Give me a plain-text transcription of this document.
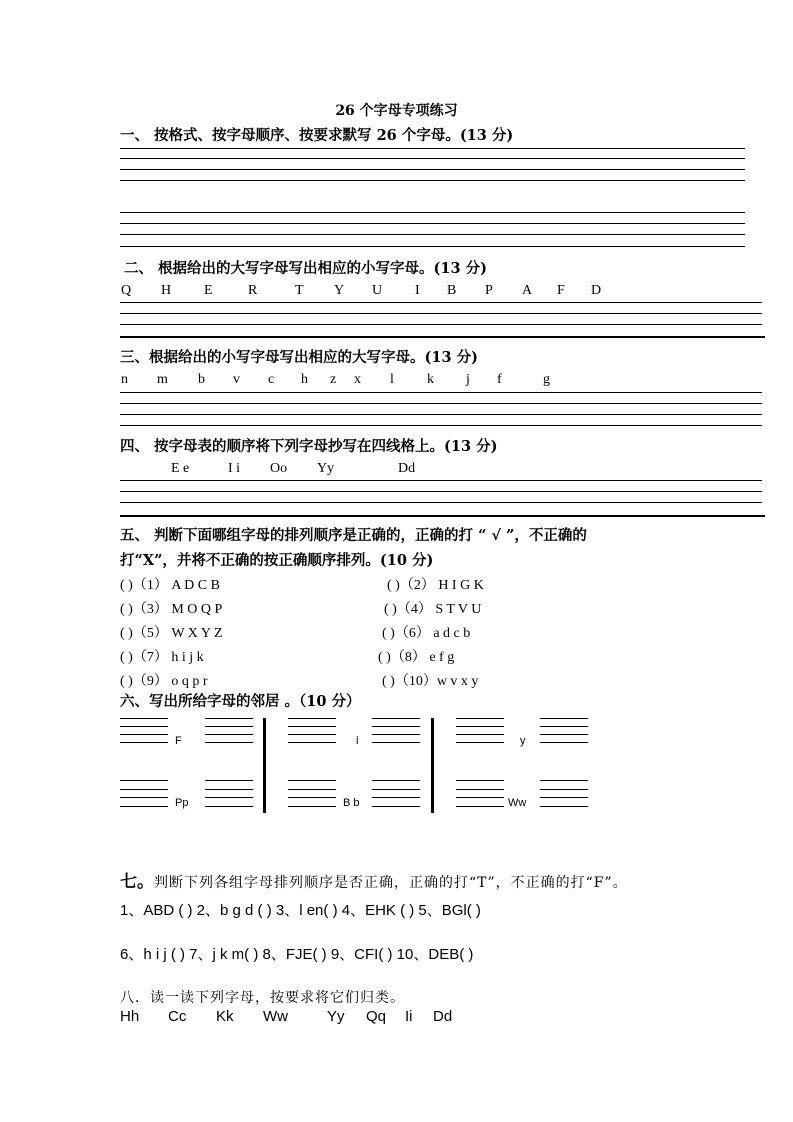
26 个字母专项练习
一、 按格式、按字母顺序、按要求默写 26 个字母。(13 分)
二、 根据给出的大写字母写出相应的小写字母。(13 分)
Q H E	R	T Y U I B P A F D
三、根据给出的小写字母写出相应的大写字母。(13 分)
n m b v c h z x l k j f	g
四、 按字母表的顺序将下列字母抄写在四线格上。(13 分)
E e	I i Oo Yy	Dd
五、 判断下面哪组字母的排列顺序是正确的，正确的打 “ √ ”，不正确的
打“X”，并将不正确的按正确顺序排列。(10 分)
( )（1） A D C B	( )（2） H I G K
( )（3） M O Q P	( )（4） S T V U
( )（5） W X Y Z	( )（6） a d c b
( )（7） h i j k	( )（8） e f g
( )（9） o q p r	( )（10）w v x y
六、写出所给字母的邻居 。（10 分）
F	i	y
Pp	B b	Ww
七。判断下列各组字母排列顺序是否正确，正确的打“T”，不正确的打“F”。
1、ABD ( ) 2、b g d ( ) 3、l en( ) 4、EHK ( ) 5、BGl( )
6、h i j ( ) 7、j k m( ) 8、FJE( ) 9、CFI( ) 10、DEB( )
八．读一读下列字母，按要求将它们归类。
Hh Cc Kk Ww	Yy Qq Ii Dd
